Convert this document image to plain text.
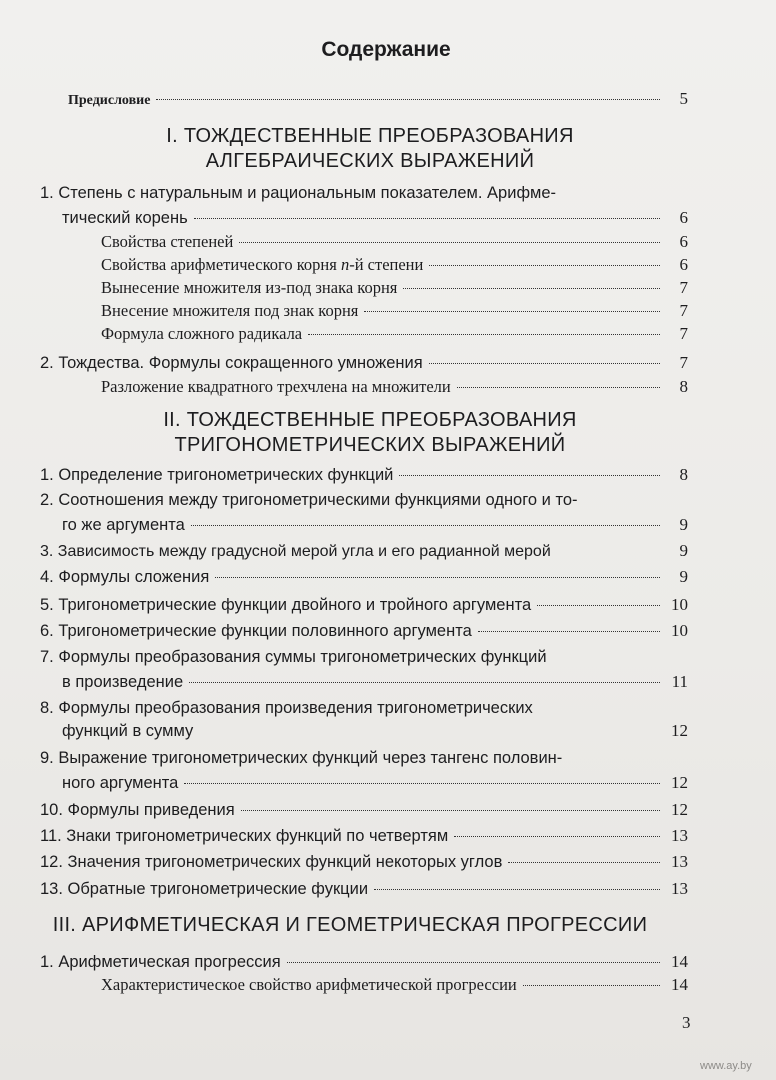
Содержание
Предисловие	5
I. ТОЖДЕСТВЕННЫЕ ПРЕОБРАЗОВАНИЯ
АЛГЕБРАИЧЕСКИХ ВЫРАЖЕНИЙ
1. Степень с натуральным и рациональным показателем. Арифме-
тический корень	6
Свойства степеней	6
Свойства арифметического корня n-й степени	6
Вынесение множителя из-под знака корня	7
Внесение множителя под знак корня	7
Формула сложного радикала	7
2. Тождества. Формулы сокращенного умножения	7
Разложение квадратного трехчлена на множители	8
II. ТОЖДЕСТВЕННЫЕ ПРЕОБРАЗОВАНИЯ
ТРИГОНОМЕТРИЧЕСКИХ ВЫРАЖЕНИЙ
1. Определение тригонометрических функций	8
2. Соотношения между тригонометрическими функциями одного и то-
го же аргумента	9
3. Зависимость между градусной мерой угла и его радианной мерой	9
4. Формулы сложения	9
5. Тригонометрические функции двойного и тройного аргумента	10
6. Тригонометрические функции половинного аргумента	10
7. Формулы преобразования суммы тригонометрических функций
в произведение	11
8. Формулы преобразования произведения тригонометрических
функций в сумму	12
9. Выражение тригонометрических функций через тангенс половин-
ного аргумента	12
10. Формулы приведения	12
11. Знаки тригонометрических функций по четвертям	13
12. Значения тригонометрических функций некоторых углов	13
13. Обратные тригонометрические фукции	13
III. АРИФМЕТИЧЕСКАЯ И ГЕОМЕТРИЧЕСКАЯ ПРОГРЕССИИ
1. Арифметическая прогрессия	14
Характеристическое свойство арифметической прогрессии	14
3
www.ay.by
